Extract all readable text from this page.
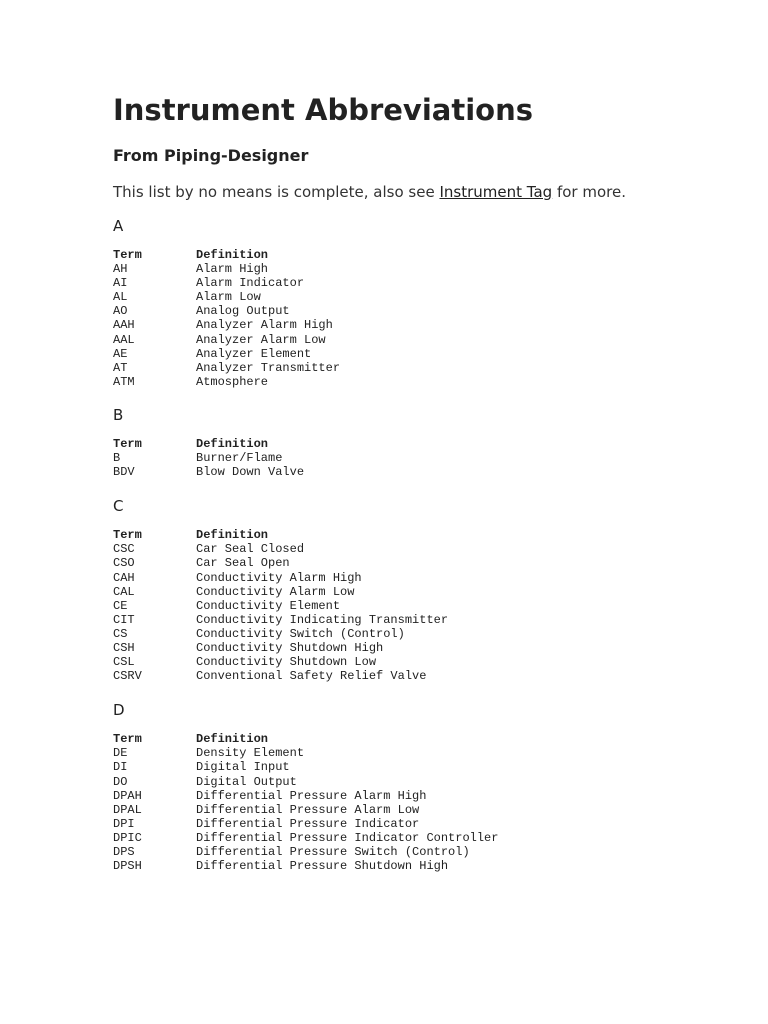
Instrument Abbreviations
From Piping-Designer

This list by no means is complete, also see Instrument Tag for more.

A

Term	Definition
AH	Alarm High
AI	Alarm Indicator
AL	Alarm Low
AO	Analog Output
AAH	Analyzer Alarm High
AAL	Analyzer Alarm Low
AE	Analyzer Element
AT	Analyzer Transmitter
ATM	Atmosphere

B

Term	Definition
B	Burner/Flame
BDV	Blow Down Valve

C

Term	Definition
CSC	Car Seal Closed
CSO	Car Seal Open
CAH	Conductivity Alarm High
CAL	Conductivity Alarm Low
CE	Conductivity Element
CIT	Conductivity Indicating Transmitter
CS	Conductivity Switch (Control)
CSH	Conductivity Shutdown High
CSL	Conductivity Shutdown Low
CSRV	Conventional Safety Relief Valve

D

Term	Definition
DE	Density Element
DI	Digital Input
DO	Digital Output
DPAH	Differential Pressure Alarm High
DPAL	Differential Pressure Alarm Low
DPI	Differential Pressure Indicator
DPIC	Differential Pressure Indicator Controller
DPS	Differential Pressure Switch (Control)
DPSH	Differential Pressure Shutdown High
